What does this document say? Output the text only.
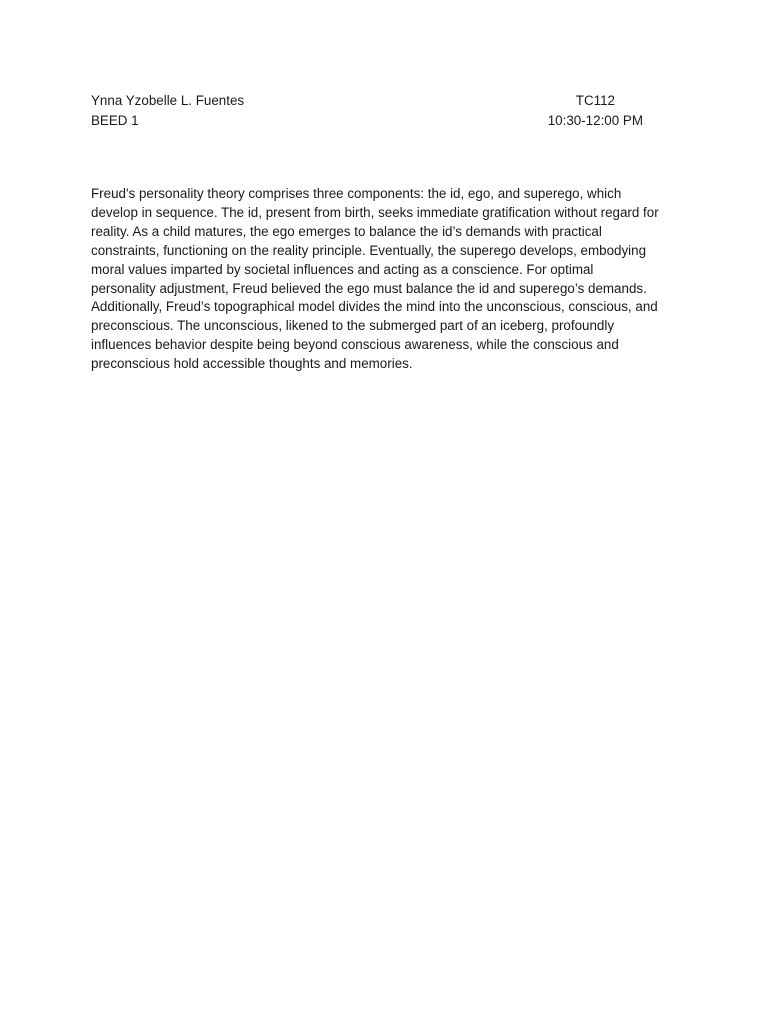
Ynna Yzobelle L. Fuentes	TC112
BEED 1	10:30-12:00 PM

Freud's personality theory comprises three components: the id, ego, and superego, which
develop in sequence. The id, present from birth, seeks immediate gratification without regard for
reality. As a child matures, the ego emerges to balance the id’s demands with practical
constraints, functioning on the reality principle. Eventually, the superego develops, embodying
moral values imparted by societal influences and acting as a conscience. For optimal
personality adjustment, Freud believed the ego must balance the id and superego’s demands.
Additionally, Freud’s topographical model divides the mind into the unconscious, conscious, and
preconscious. The unconscious, likened to the submerged part of an iceberg, profoundly
influences behavior despite being beyond conscious awareness, while the conscious and
preconscious hold accessible thoughts and memories.
